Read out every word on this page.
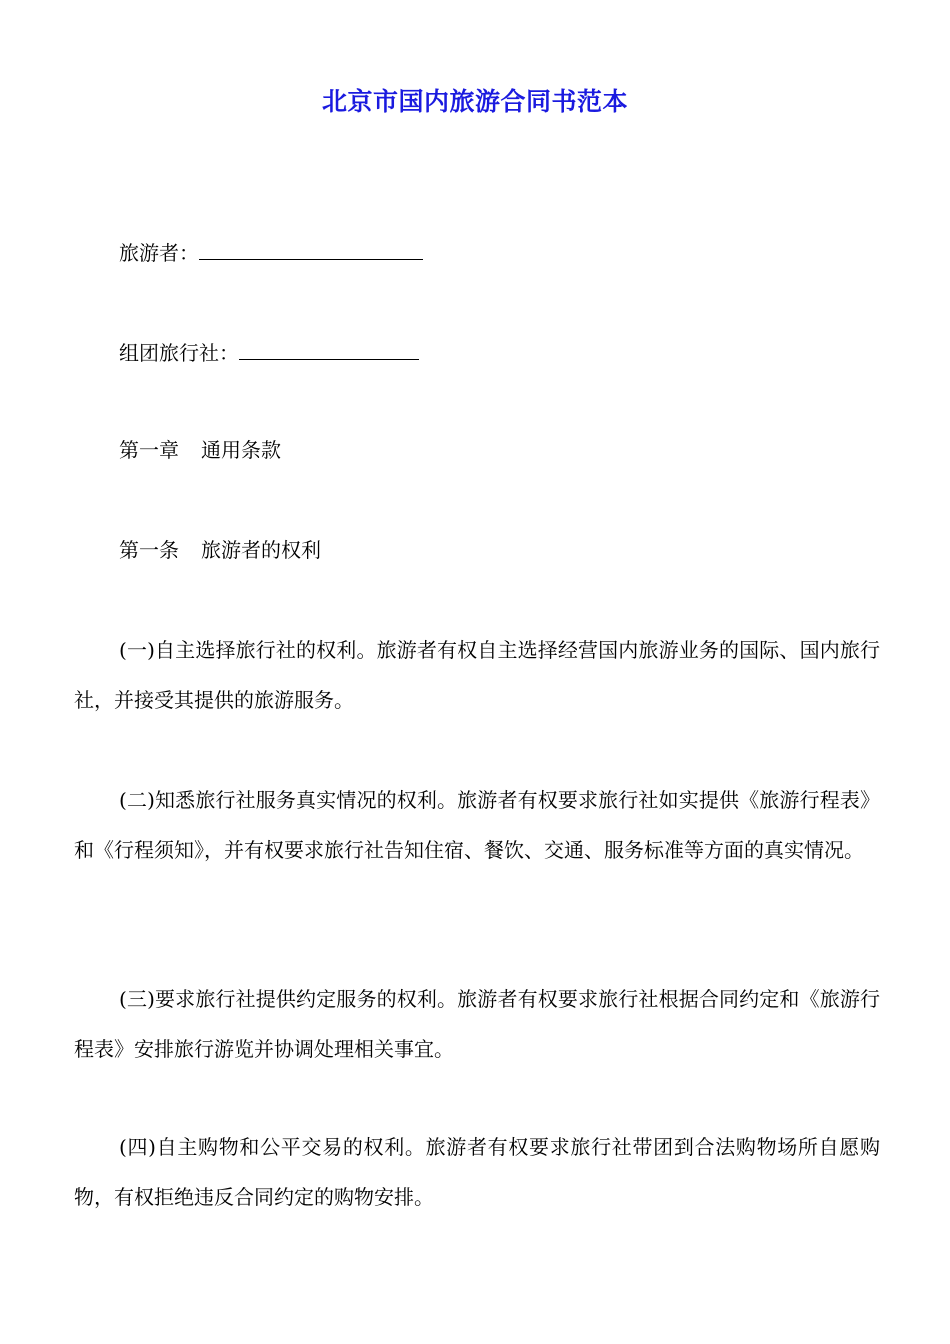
北京市国内旅游合同书范本
旅游者：
组团旅行社：
第一章 通用条款
第一条 旅游者的权利
(一)自主选择旅行社的权利。旅游者有权自主选择经营国内旅游业务的国际、国内旅行社，并接受其提供的旅游服务。
(二)知悉旅行社服务真实情况的权利。旅游者有权要求旅行社如实提供《旅游行程表》和《行程须知》，并有权要求旅行社告知住宿、餐饮、交通、服务标准等方面的真实情况。
(三)要求旅行社提供约定服务的权利。旅游者有权要求旅行社根据合同约定和《旅游行程表》安排旅行游览并协调处理相关事宜。
(四)自主购物和公平交易的权利。旅游者有权要求旅行社带团到合法购物场所自愿购物，有权拒绝违反合同约定的购物安排。
